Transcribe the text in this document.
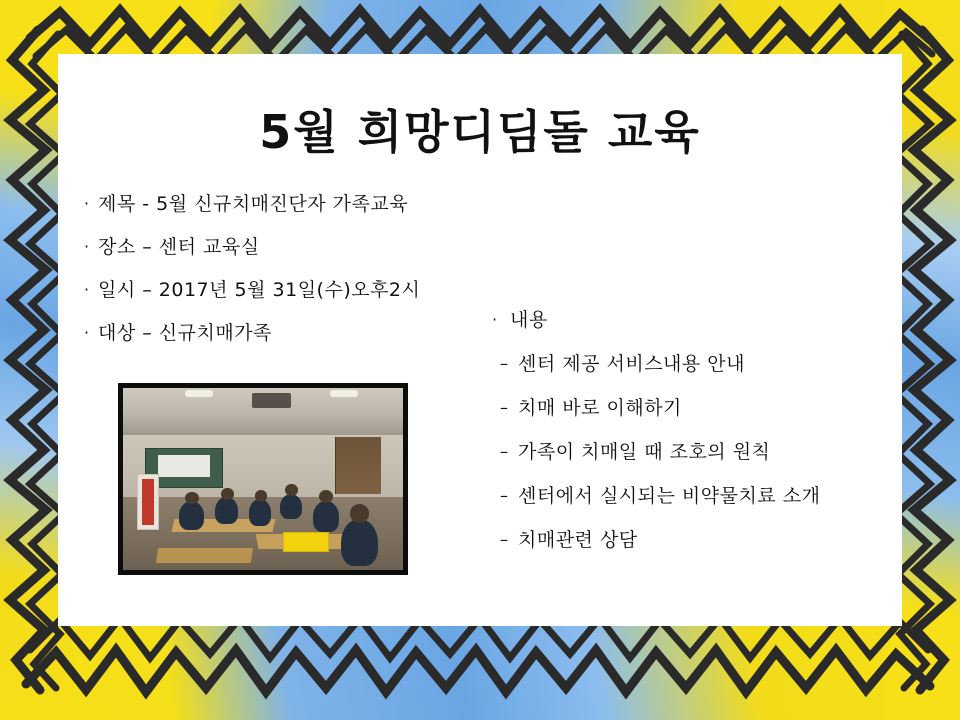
5월 희망디딤돌 교육
· 제목 - 5월 신규치매진단자 가족교육
· 장소 – 센터 교육실
· 일시 – 2017년 5월 31일(수)오후2시
· 대상 – 신규치매가족
· 내용
– 센터 제공 서비스내용 안내
– 치매 바로 이해하기
– 가족이 치매일 때 조호의 원칙
– 센터에서 실시되는 비약물치료 소개
– 치매관련 상담
